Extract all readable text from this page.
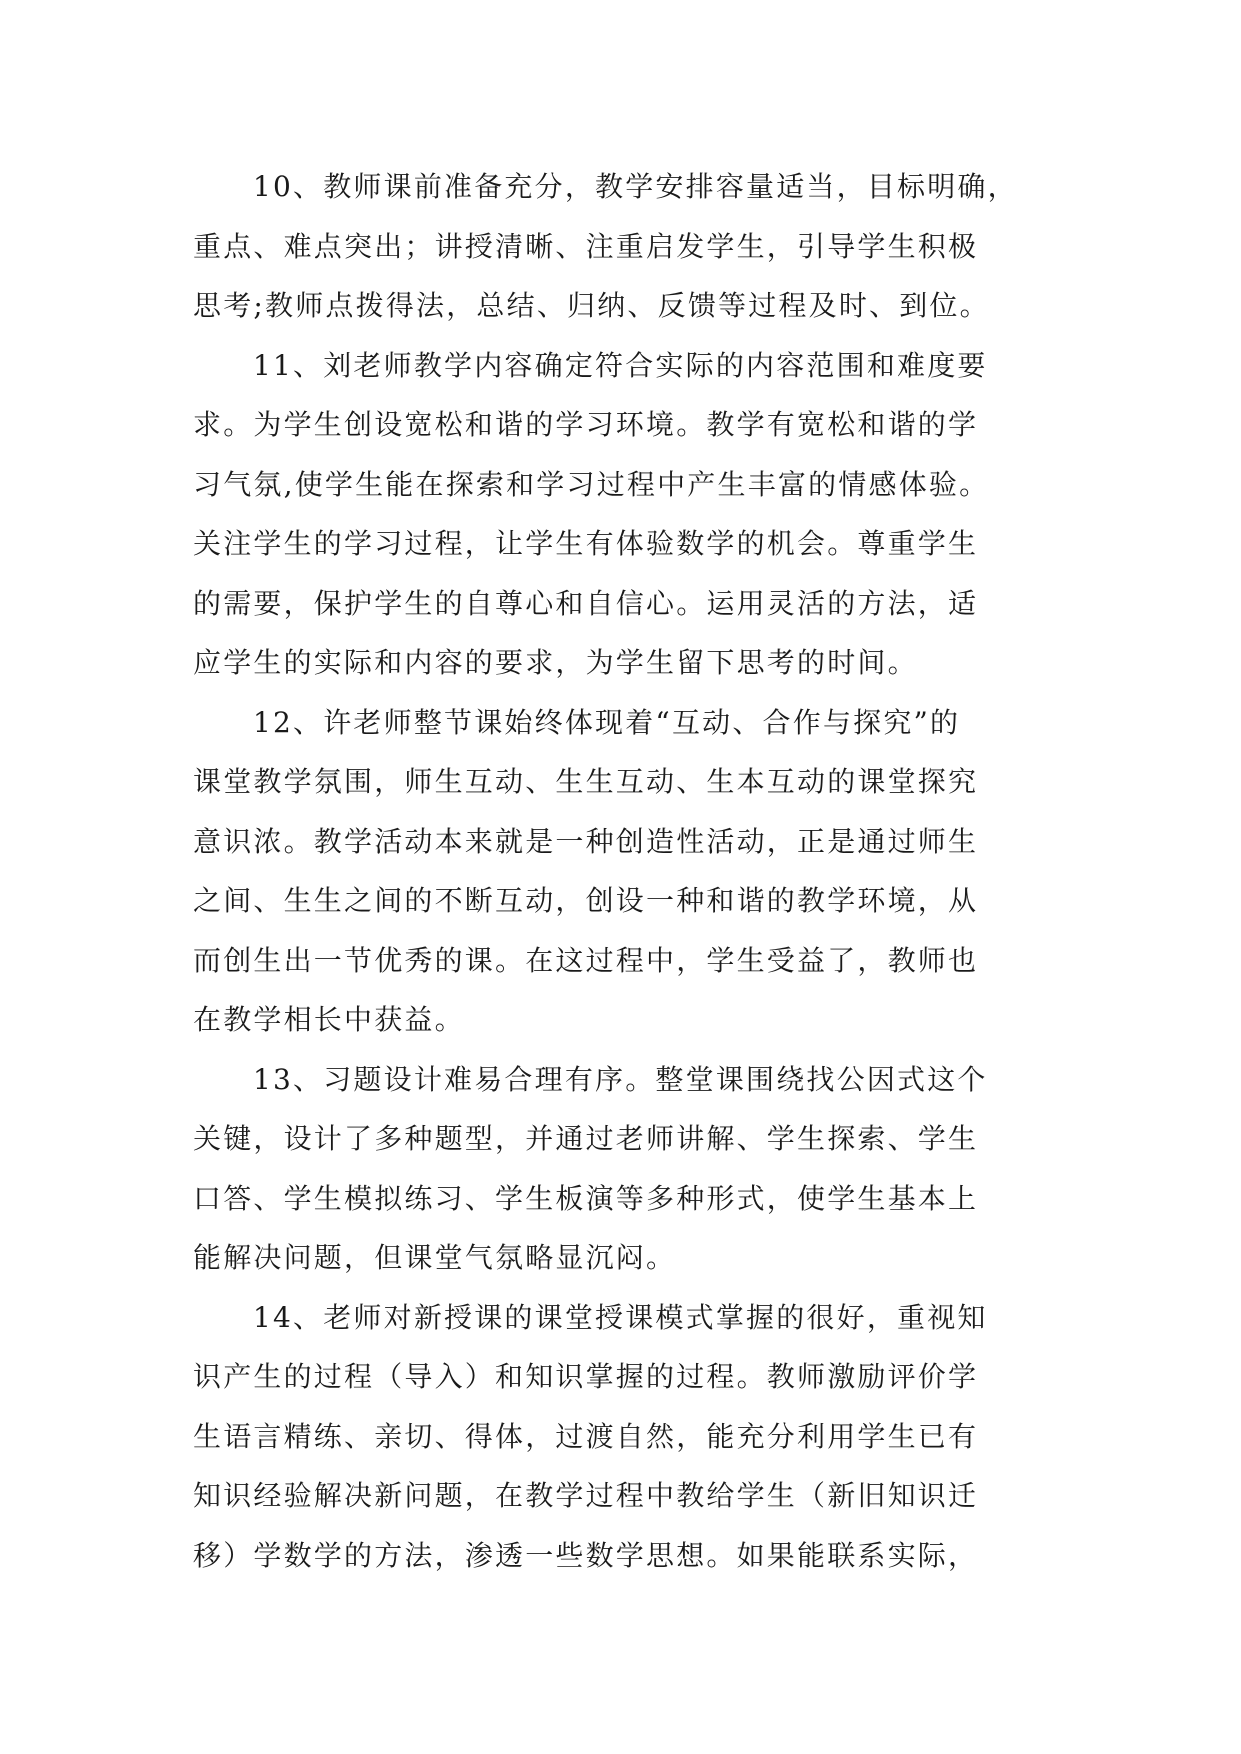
10、教师课前准备充分，教学安排容量适当，目标明确，
重点、难点突出；讲授清晰、注重启发学生，引导学生积极
思考;教师点拨得法，总结、归纳、反馈等过程及时、到位。
11、刘老师教学内容确定符合实际的内容范围和难度要
求。为学生创设宽松和谐的学习环境。教学有宽松和谐的学
习气氛,使学生能在探索和学习过程中产生丰富的情感体验。
关注学生的学习过程，让学生有体验数学的机会。尊重学生
的需要，保护学生的自尊心和自信心。运用灵活的方法，适
应学生的实际和内容的要求，为学生留下思考的时间。
12、许老师整节课始终体现着“互动、合作与探究”的
课堂教学氛围，师生互动、生生互动、生本互动的课堂探究
意识浓。教学活动本来就是一种创造性活动，正是通过师生
之间、生生之间的不断互动，创设一种和谐的教学环境，从
而创生出一节优秀的课。在这过程中，学生受益了，教师也
在教学相长中获益。
13、习题设计难易合理有序。整堂课围绕找公因式这个
关键，设计了多种题型，并通过老师讲解、学生探索、学生
口答、学生模拟练习、学生板演等多种形式，使学生基本上
能解决问题，但课堂气氛略显沉闷。
14、老师对新授课的课堂授课模式掌握的很好，重视知
识产生的过程（导入）和知识掌握的过程。教师激励评价学
生语言精练、亲切、得体，过渡自然，能充分利用学生已有
知识经验解决新问题，在教学过程中教给学生（新旧知识迁
移）学数学的方法，渗透一些数学思想。如果能联系实际，
